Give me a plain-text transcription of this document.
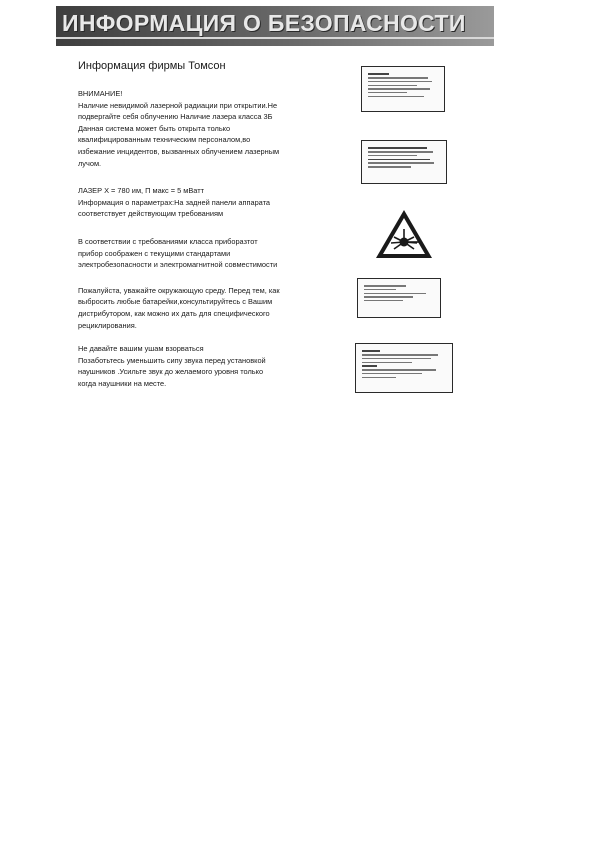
ИНФОРМАЦИЯ О БЕЗОПАСНОСТИ
Информация фирмы Томсон

ВНИМАНИЕ!

Наличие невидимой лазерной радиации при открытии.Не

подвергайте себя облучению Наличие лазера класса 3Б

Данная система может быть открыта только

квалифицированным техническим персоналом,во

избежание инцидентов, вызванных облучением лазерным

лучом.

ЛАЗЕР X = 780 им, П макс = 5 мВатт

Информация о параметрах:На задней панели аппарата

соответствует действующим требованиям

В соответствии с требованиями класса приборазтот

прибор соображен с текущими стандартами

электробезопасности и электромагнитной совместимости

Пожалуйста, уважайте окружающую среду. Перед тем, как

выбросить любые батарейки,консультируйтесь с Вашим

дистрибутором, как можно их дать для специфического

рециклирования.

Не давайте вашим ушам взорваться

Позаботьтесь уменьшить сипу звука перед установкой

наушников .Усильте звук до желаемого уровня только

когда наушники на месте.
